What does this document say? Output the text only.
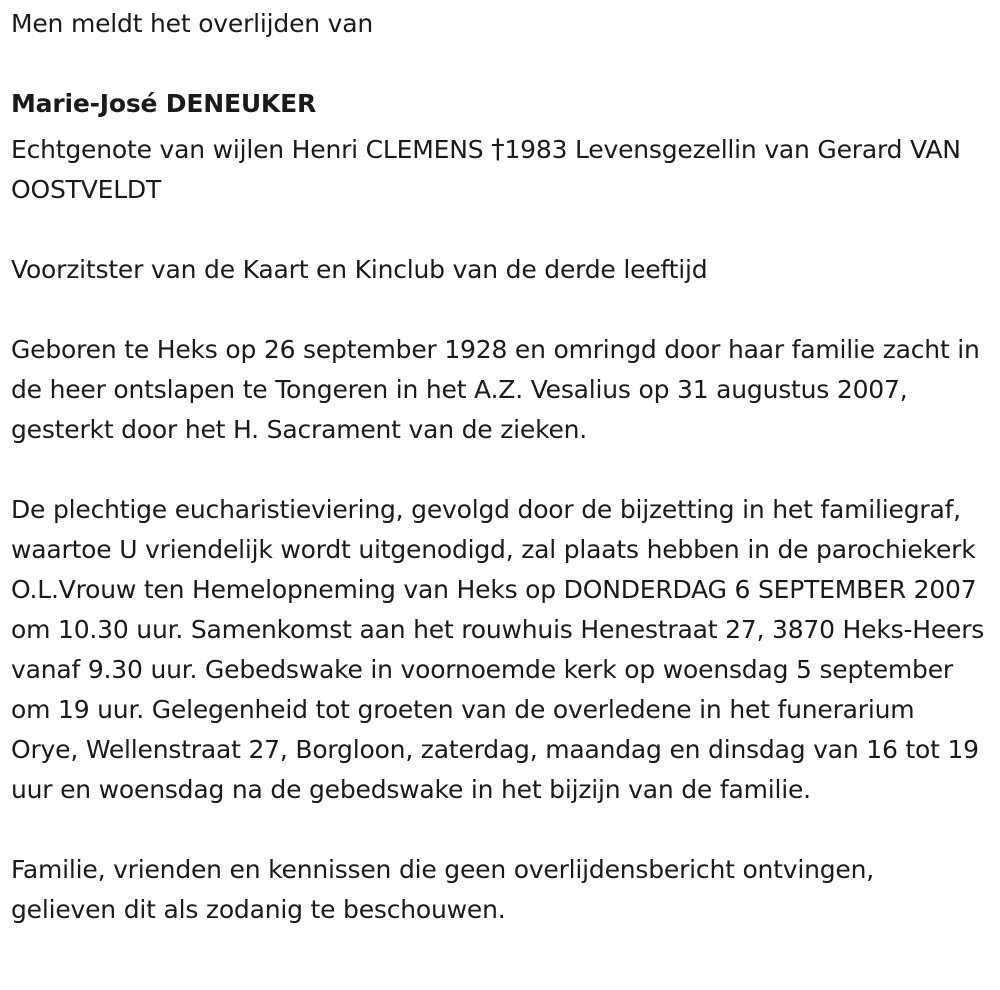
Men meldt het overlijden van

Marie-José DENEUKER

Echtgenote van wijlen Henri CLEMENS †1983 Levensgezellin van Gerard VAN OOSTVELDT

Voorzitster van de Kaart en Kinclub van de derde leeftijd

Geboren te Heks op 26 september 1928 en omringd door haar familie zacht in de heer ontslapen te Tongeren in het A.Z. Vesalius op 31 augustus 2007, gesterkt door het H. Sacrament van de zieken.

De plechtige eucharistieviering, gevolgd door de bijzetting in het familiegraf, waartoe U vriendelijk wordt uitgenodigd, zal plaats hebben in de parochiekerk O.L.Vrouw ten Hemelopneming van Heks op DONDERDAG 6 SEPTEMBER 2007 om 10.30 uur. Samenkomst aan het rouwhuis Henestraat 27, 3870 Heks-Heers vanaf 9.30 uur. Gebedswake in voornoemde kerk op woensdag 5 september om 19 uur. Gelegenheid tot groeten van de overledene in het funerarium Orye, Wellenstraat 27, Borgloon, zaterdag, maandag en dinsdag van 16 tot 19 uur en woensdag na de gebedswake in het bijzijn van de familie.

Familie, vrienden en kennissen die geen overlijdensbericht ontvingen, gelieven dit als zodanig te beschouwen.
